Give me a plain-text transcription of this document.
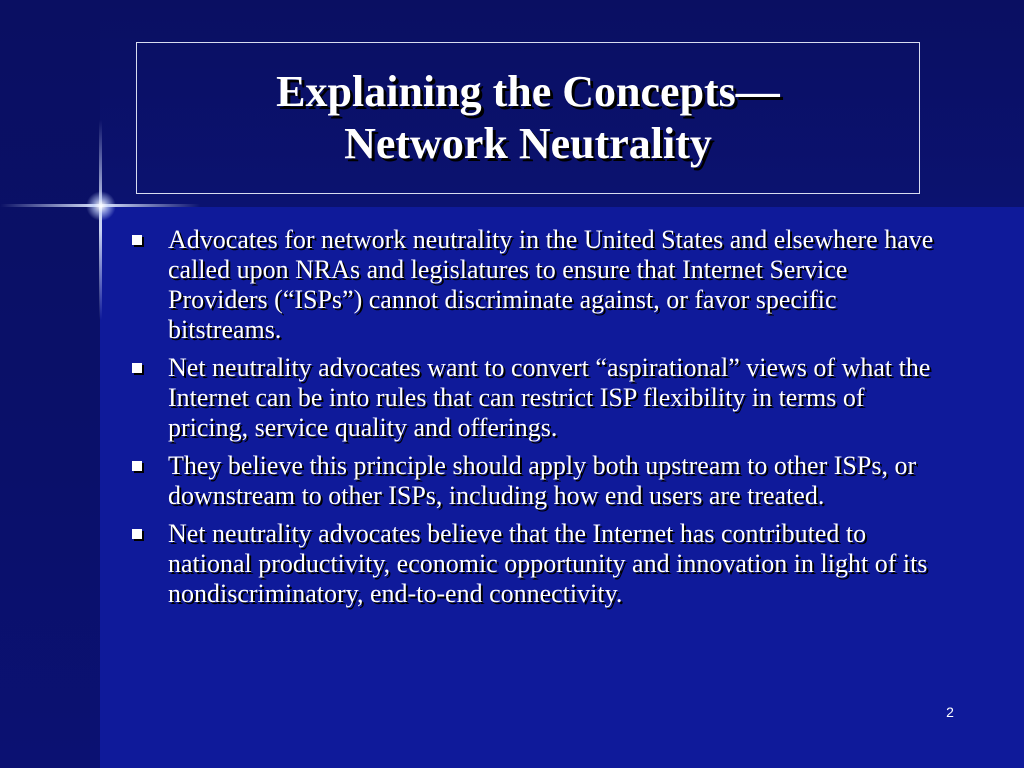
Explaining the Concepts—
Network Neutrality
Advocates for network neutrality in the United States and elsewhere have called upon NRAs and legislatures to ensure that Internet Service Providers (“ISPs”) cannot discriminate against, or favor specific bitstreams.
Net neutrality advocates want to convert “aspirational” views of what the Internet can be into rules that can restrict ISP flexibility in terms of pricing, service quality and offerings.
They believe this principle should apply both upstream to other ISPs, or downstream to other ISPs, including how end users are treated.
Net neutrality advocates believe that the Internet has contributed to national productivity, economic opportunity and innovation in light of its nondiscriminatory, end-to-end connectivity.
2
